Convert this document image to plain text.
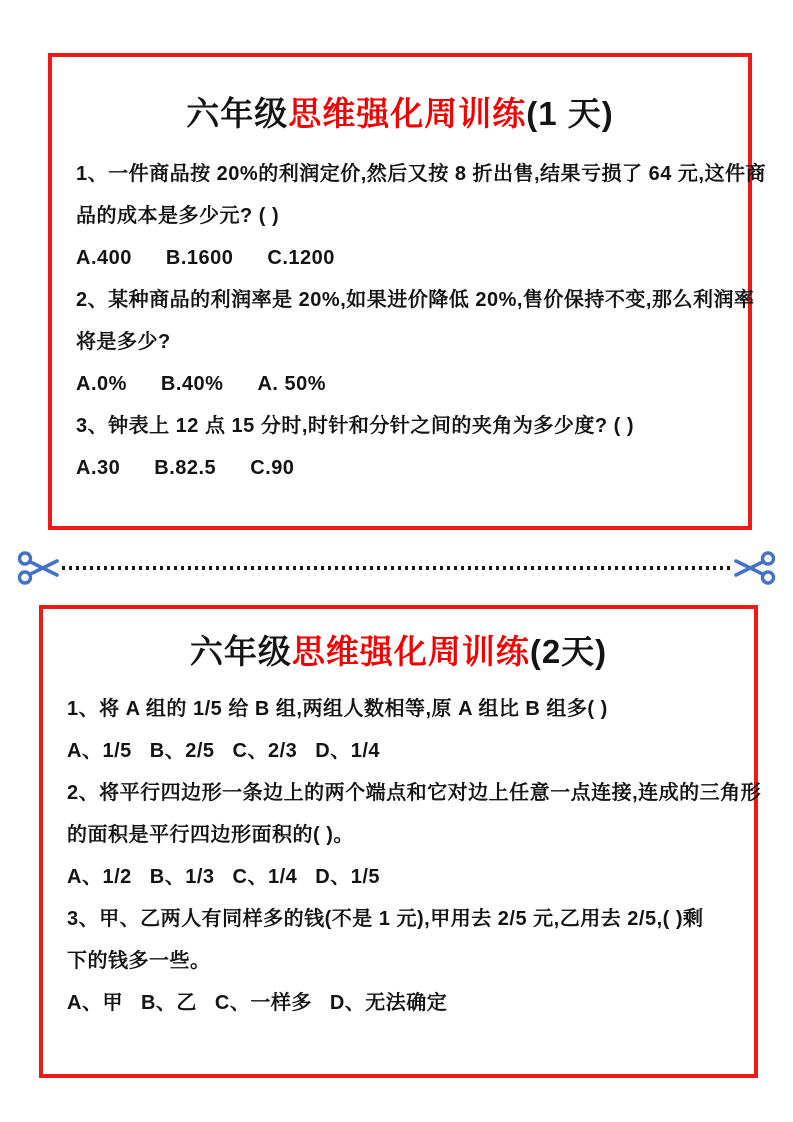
六年级思维强化周训练(1 天)

1、一件商品按 20%的利润定价,然后又按 8 折出售,结果亏损了 64 元,这件商

品的成本是多少元? ( )

A.400 B.1600 C.1200

2、某种商品的利润率是 20%,如果进价降低 20%,售价保持不变,那么利润率

将是多少?

A.0% B.40% A. 50%

3、钟表上 12 点 15 分时,时针和分针之间的夹角为多少度? ( )

A.30 B.82.5 C.90

六年级思维强化周训练(2天)

1、将 A 组的 1/5 给 B 组,两组人数相等,原 A 组比 B 组多( )

A、1/5 B、2/5 C、2/3 D、1/4

2、将平行四边形一条边上的两个端点和它对边上任意一点连接,连成的三角形

的面积是平行四边形面积的( )。

A、1/2 B、1/3 C、1/4 D、1/5

3、甲、乙两人有同样多的钱(不是 1 元),甲用去 2/5 元,乙用去 2/5,( )剩

下的钱多一些。

A、甲 B、乙 C、一样多 D、无法确定
